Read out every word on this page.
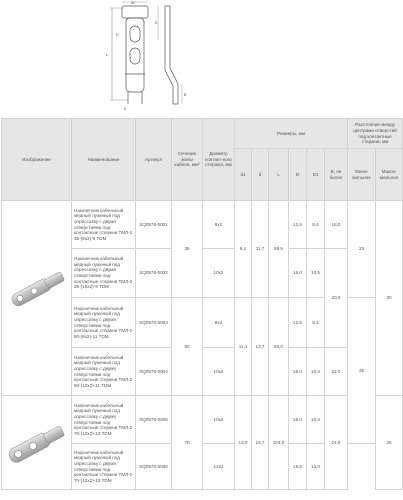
L
d1
d
D
S
B
Изображение	Наименование	Артикул	Сечение жилы кабеля, мм²	Диаметр контакт-ного стержня, мм	Размеры, мм						Расстояние между центрами отверстий под контактные стержни, мм		
					d1	d	L	D	D1	В, не более	Мини-мальное	Макси-мальное	
	Наконечник кабельный медный луженый под опрессовку с двумя отверстиями под контактные стержни ТМЛ-2 35-(8х2)-9 TDM	SQ0576-0001	35	8х2	9,1	11,7	89,5	12,5	8,4	18,0	23	30	
	Наконечник кабельный медный луженый под опрессовку с двумя отверстиями под контактные стержни ТМЛ-2 35-(10х2)-9 TDM	SQ0576-0002		10х2				16,0	10,5	20,0			
	Наконечник кабельный медный луженый под опрессовку с двумя отверстиями под контактные стержни ТМЛ-2 50-(8х2)-11 TDM	SQ0576-0003	50	8х2	11,1	13,7	93,0	12,5	8,4		25		
	Наконечник кабельный медный луженый под опрессовку с двумя отверстиями под контактные стержни ТМЛ-2 50-(10х2)-11 TDM	SQ0576-0004		10х2				16,0	10,5	22,0			
	Наконечник кабельный медный луженый под опрессовку с двумя отверстиями под контактные стержни ТМЛ-2 70-(10х2)-13 TDM	SQ0576-0005	70	10х2	13,0	15,7	104,5	16,0	10,5	24,0		25	
	Наконечник кабельный медный луженый под опрессовку с двумя отверстиями под контактные стержни ТМЛ-2 70-(12х2)-13 TDM	SQ0576-0006		12х2				19,5	13,0				
